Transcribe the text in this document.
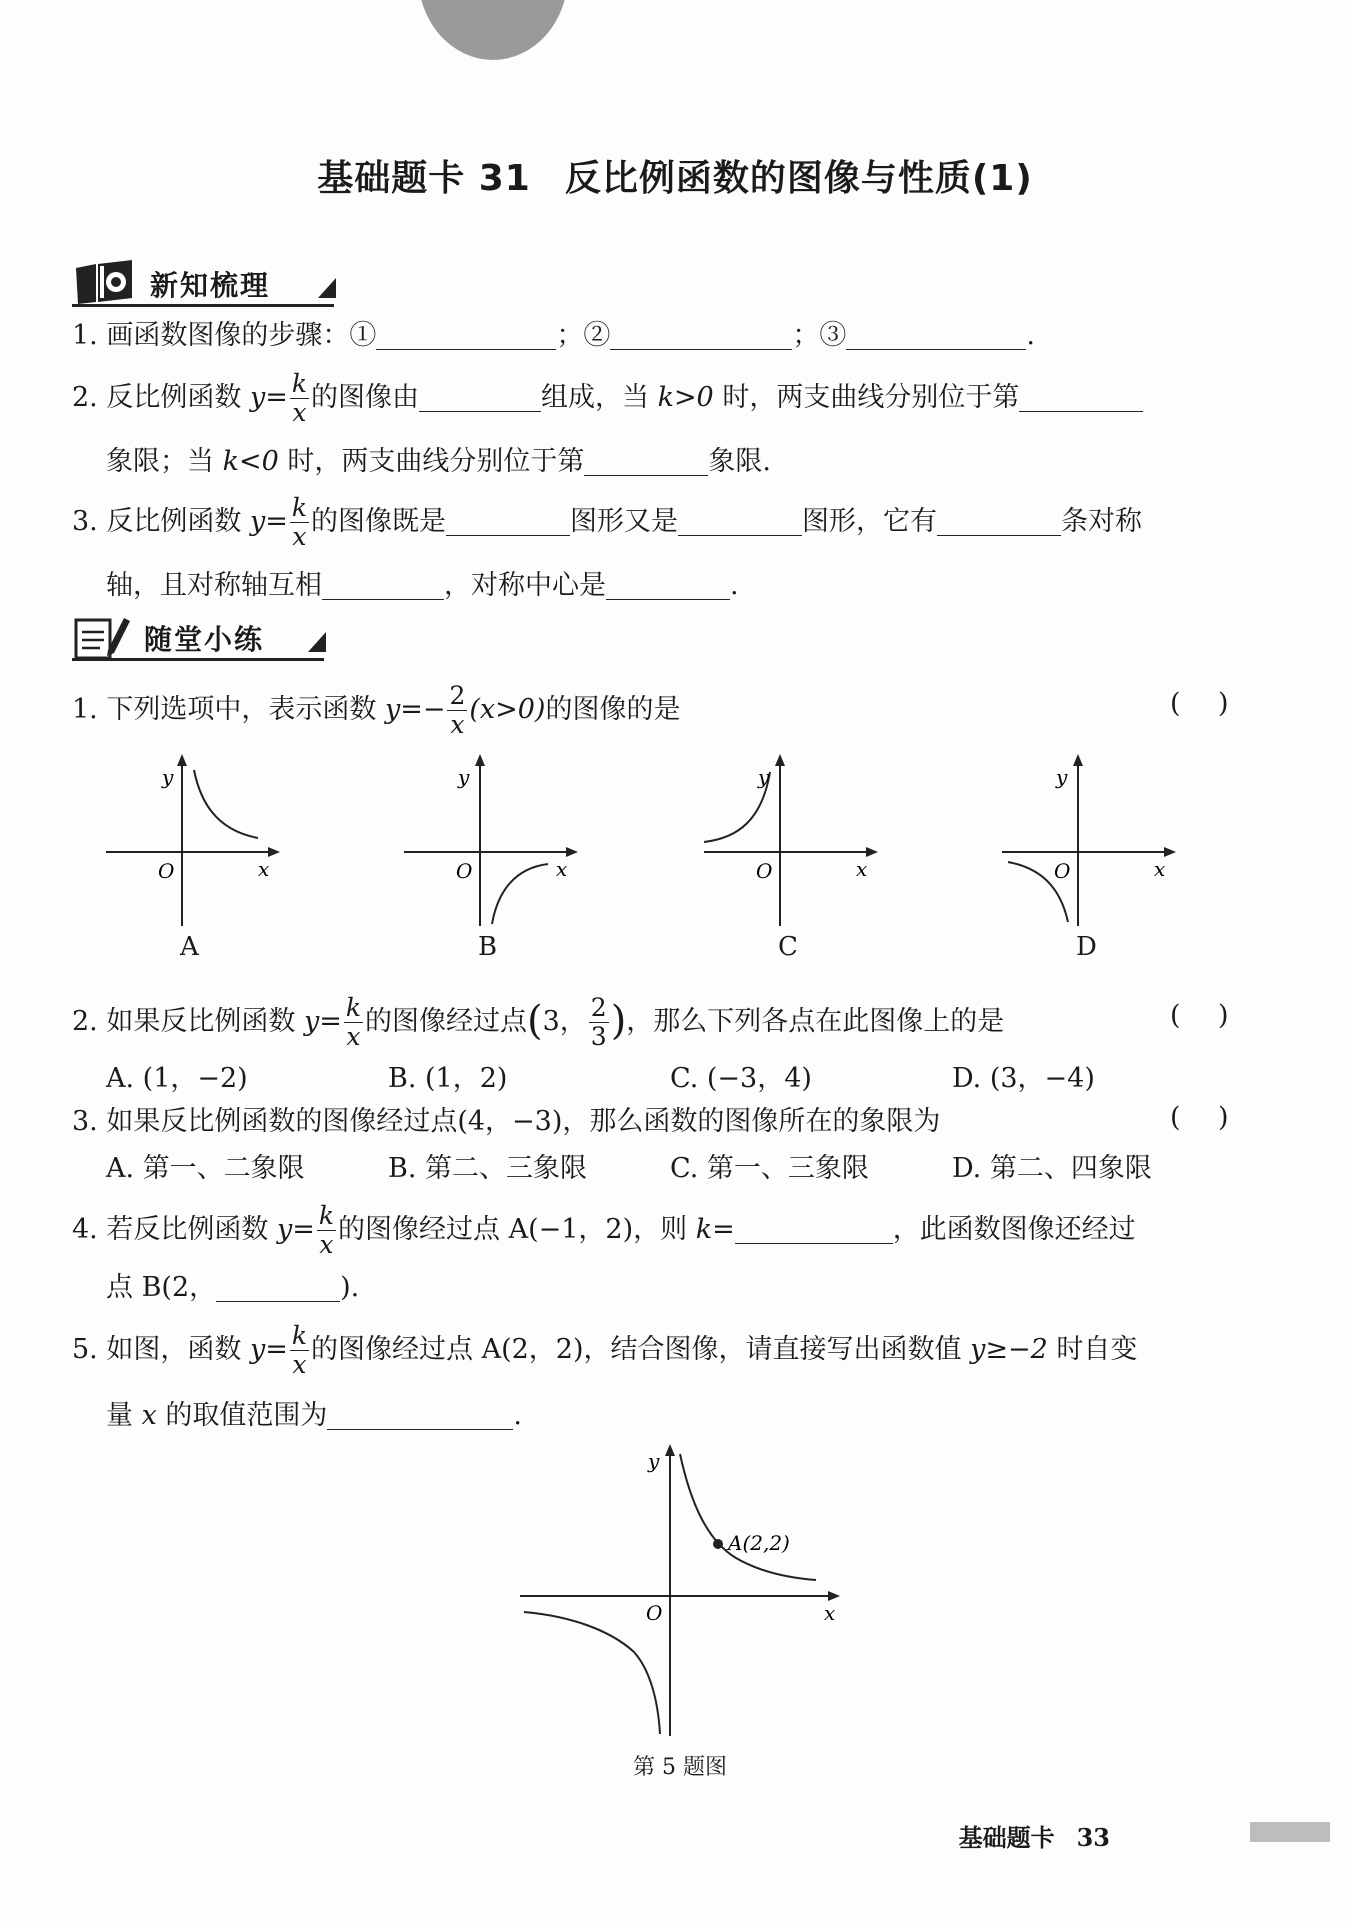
基础题卡 31 反比例函数的图像与性质(1)
新知梳理
1. 画函数图像的步骤：①	；②	；③	.
2. 反比例函数 $y= \frac{k}{x}$ 的图像由	组成，当 k>0 时，两支曲线分别位于第
象限；当 k<0 时，两支曲线分别位于第	象限.
3. 反比例函数 $y= \frac{k}{x}$ 的图像既是	图形又是	图形，它有	条对称
轴，且对称轴互相	，对称中心是	.
随堂小练
1. 下列选项中，表示函数 $y=- \frac{2}{x} (x>0)$的图像的是	( )
y
x
O
A
y
x
O
B
y
x
O
C
y
x
O
D
2. 如果反比例函数 $y= \frac{k}{x}$ 的图像经过点(3， $\frac{2}{3}$ )，那么下列各点在此图像上的是	( )
A. (1，−2)	B. (1，2)	C. (−3，4)	D. (3，−4)
3. 如果反比例函数的图像经过点(4，−3)，那么函数的图像所在的象限为	( )
A. 第一、二象限	B. 第二、三象限	C. 第一、三象限	D. 第二、四象限
4. 若反比例函数 $y= \frac{k}{x}$ 的图像经过点 A(−1，2)，则 k=	，此函数图像还经过
点 B(2，	).
5. 如图，函数 $y= \frac{k}{x}$ 的图像经过点 A(2，2)，结合图像，请直接写出函数值 y≥−2 时自变
量 x 的取值范围为	.
A(2,2)
y
x
O
第 5 题图
基础题卡 33
